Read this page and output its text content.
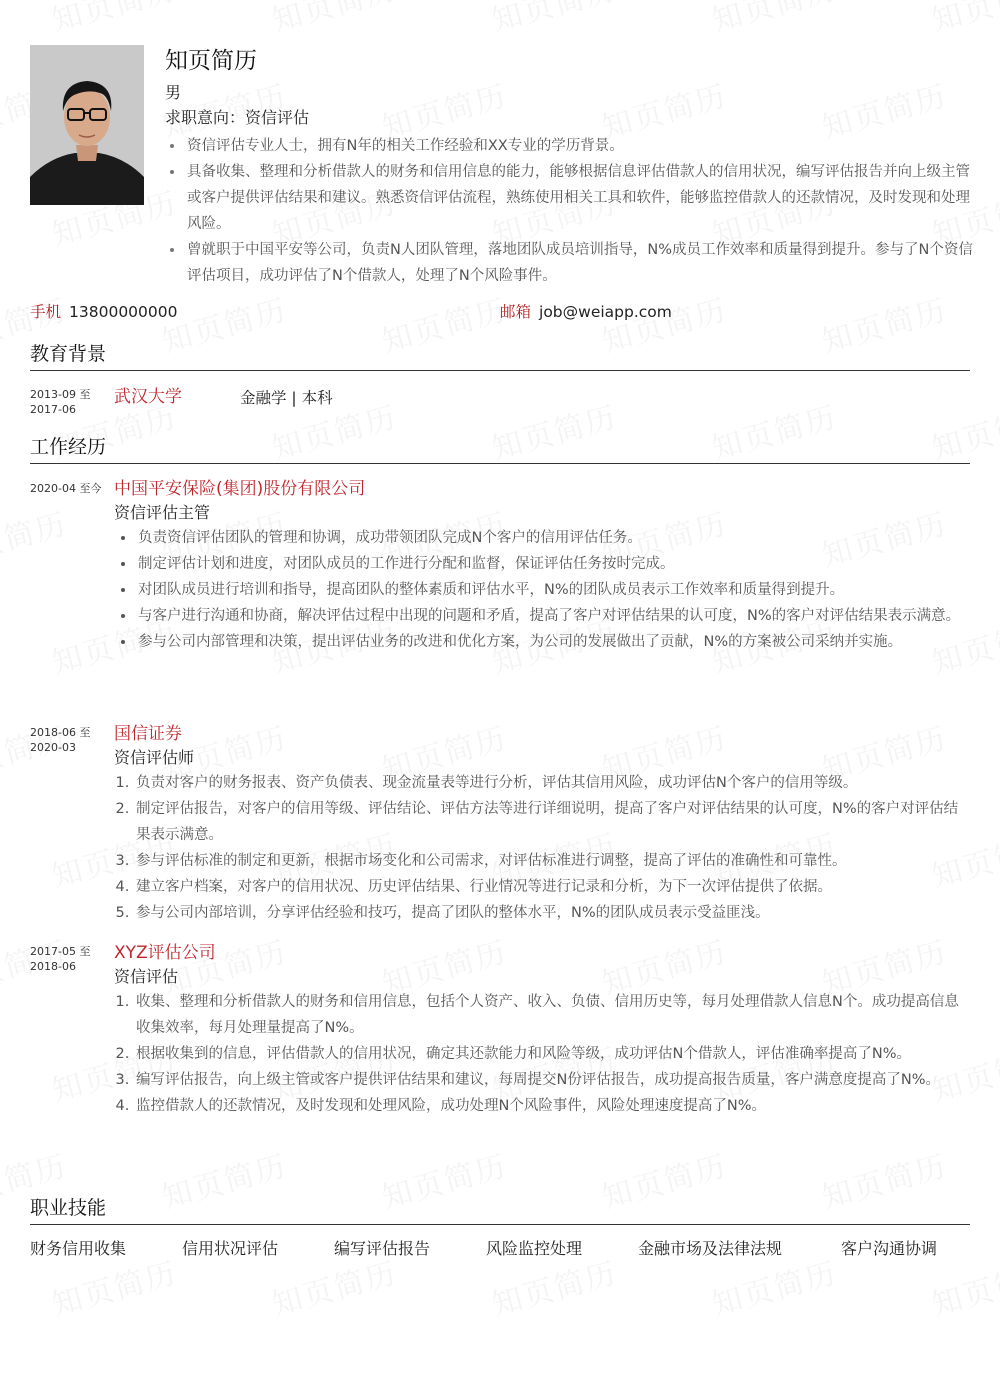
知页简历
男
求职意向：资信评估
• 资信评估专业人士，拥有N年的相关工作经验和XX专业的学历背景。
• 具备收集、整理和分析借款人的财务和信用信息的能力，能够根据信息评估借款人的信用状况，编写评估报告并向上级主管或客户提供评估结果和建议。熟悉资信评估流程，熟练使用相关工具和软件，能够监控借款人的还款情况，及时发现和处理风险。
• 曾就职于中国平安等公司，负责N人团队管理，落地团队成员培训指导，N%成员工作效率和质量得到提升。参与了N个资信评估项目，成功评估了N个借款人，处理了N个风险事件。
手机 13800000000	邮箱 job@weiapp.com
教育背景
2013-09 至 2017-06
武汉大学	金融学 | 本科
工作经历
2020-04 至今 中国平安保险(集团)股份有限公司
资信评估主管
• 负责资信评估团队的管理和协调，成功带领团队完成N个客户的信用评估任务。
• 制定评估计划和进度，对团队成员的工作进行分配和监督，保证评估任务按时完成。
• 对团队成员进行培训和指导，提高团队的整体素质和评估水平，N%的团队成员表示工作效率和质量得到提升。
• 与客户进行沟通和协商，解决评估过程中出现的问题和矛盾，提高了客户对评估结果的认可度，N%的客户对评估结果表示满意。
• 参与公司内部管理和决策，提出评估业务的改进和优化方案，为公司的发展做出了贡献，N%的方案被公司采纳并实施。
2018-06 至 2020-03
国信证券
资信评估师
1. 负责对客户的财务报表、资产负债表、现金流量表等进行分析，评估其信用风险，成功评估N个客户的信用等级。
2. 制定评估报告，对客户的信用等级、评估结论、评估方法等进行详细说明，提高了客户对评估结果的认可度，N%的客户对评估结果表示满意。
3. 参与评估标准的制定和更新，根据市场变化和公司需求，对评估标准进行调整，提高了评估的准确性和可靠性。
4. 建立客户档案，对客户的信用状况、历史评估结果、行业情况等进行记录和分析，为下一次评估提供了依据。
5. 参与公司内部培训，分享评估经验和技巧，提高了团队的整体水平，N%的团队成员表示受益匪浅。
2017-05 至 2018-06
XYZ评估公司
资信评估
1. 收集、整理和分析借款人的财务和信用信息，包括个人资产、收入、负债、信用历史等，每月处理借款人信息N个。成功提高信息收集效率，每月处理量提高了N%。
2. 根据收集到的信息，评估借款人的信用状况，确定其还款能力和风险等级，成功评估N个借款人，评估准确率提高了N%。
3. 编写评估报告，向上级主管或客户提供评估结果和建议，每周提交N份评估报告，成功提高报告质量，客户满意度提高了N%。
4. 监控借款人的还款情况，及时发现和处理风险，成功处理N个风险事件，风险处理速度提高了N%。
职业技能
财务信用收集	信用状况评估	编写评估报告	风险监控处理	金融市场及法律法规	客户沟通协调
